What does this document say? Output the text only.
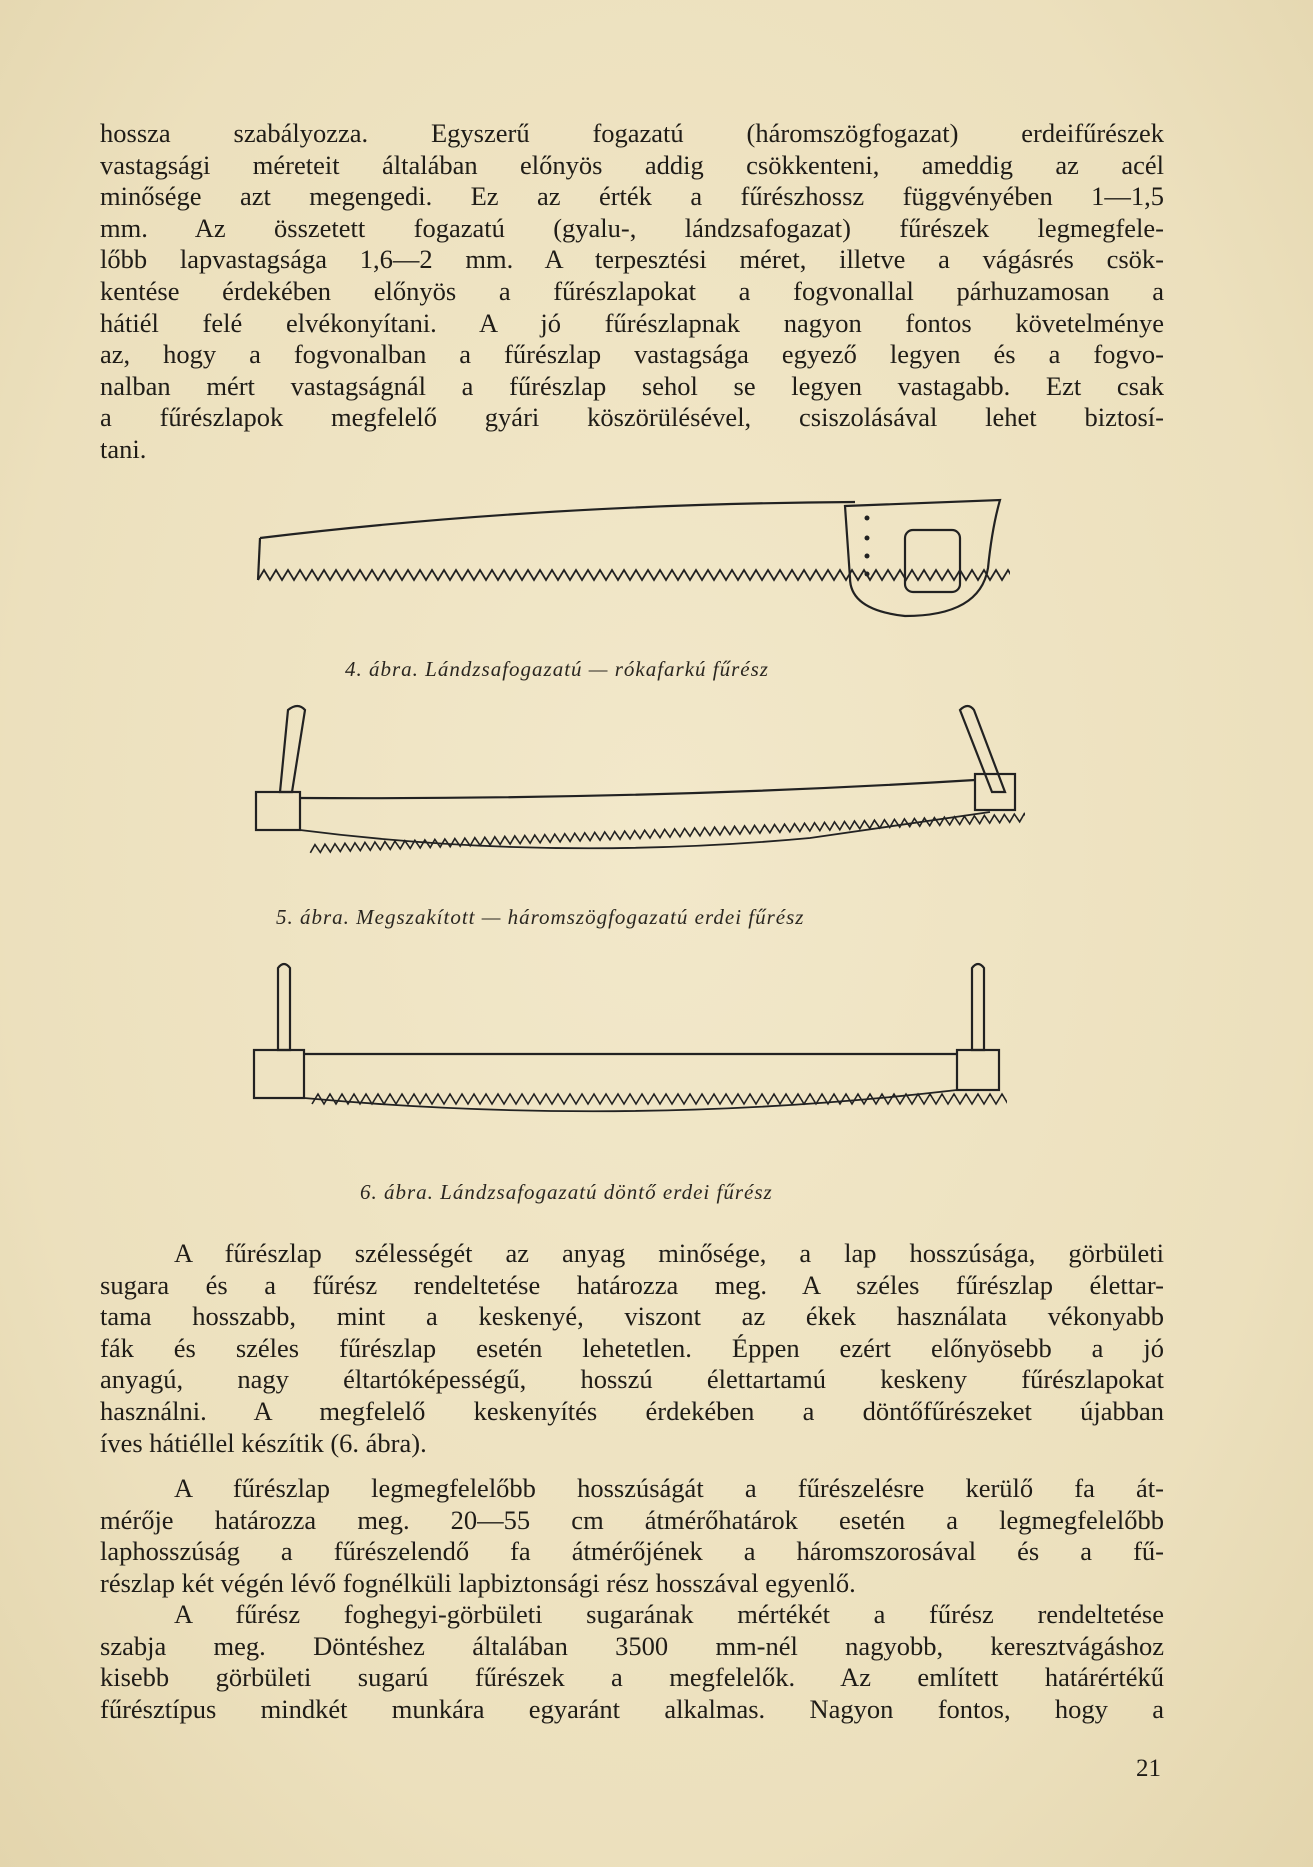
hossza szabályozza. Egyszerű fogazatú (háromszögfogazat) erdeifűrészek
vastagsági méreteit általában előnyös addig csökkenteni, ameddig az acél
minősége azt megengedi. Ez az érték a fűrészhossz függvényében 1—1,5
mm. Az összetett fogazatú (gyalu-, lándzsafogazat) fűrészek legmegfele-
lőbb lapvastagsága 1,6—2 mm. A terpesztési méret, illetve a vágásrés csök-
kentése érdekében előnyös a fűrészlapokat a fogvonallal párhuzamosan a
hátiél felé elvékonyítani. A jó fűrészlapnak nagyon fontos követelménye
az, hogy a fogvonalban a fűrészlap vastagsága egyező legyen és a fogvo-
nalban mért vastagságnál a fűrészlap sehol se legyen vastagabb. Ezt csak
a fűrészlapok megfelelő gyári köszörülésével, csiszolásával lehet biztosí-
tani.
4. ábra. Lándzsafogazatú — rókafarkú fűrész
5. ábra. Megszakított — háromszögfogazatú erdei fűrész
6. ábra. Lándzsafogazatú döntő erdei fűrész
A fűrészlap szélességét az anyag minősége, a lap hosszúsága, görbületi
sugara és a fűrész rendeltetése határozza meg. A széles fűrészlap élettar-
tama hosszabb, mint a keskenyé, viszont az ékek használata vékonyabb
fák és széles fűrészlap esetén lehetetlen. Éppen ezért előnyösebb a jó
anyagú, nagy éltartóképességű, hosszú élettartamú keskeny fűrészlapokat
használni. A megfelelő keskenyítés érdekében a döntőfűrészeket újabban
íves hátiéllel készítik (6. ábra).
A fűrészlap legmegfelelőbb hosszúságát a fűrészelésre kerülő fa át-
mérője határozza meg. 20—55 cm átmérőhatárok esetén a legmegfelelőbb
laphosszúság a fűrészelendő fa átmérőjének a háromszorosával és a fű-
részlap két végén lévő fognélküli lapbiztonsági rész hosszával egyenlő.
A fűrész foghegyi-görbületi sugarának mértékét a fűrész rendeltetése
szabja meg. Döntéshez általában 3500 mm-nél nagyobb, keresztvágáshoz
kisebb görbületi sugarú fűrészek a megfelelők. Az említett határértékű
fűrésztípus mindkét munkára egyaránt alkalmas. Nagyon fontos, hogy a
21
